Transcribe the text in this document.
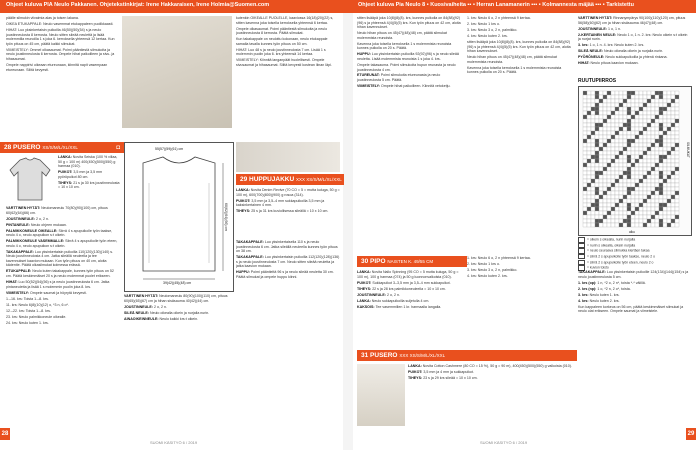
Ohjeet kuluva PIA Neulo Pakkanen. Ohjetekstinkirjat: Irene Hakkaraisen, Irene Holmia@Suomen.com	Ohjeet kuluva Pia Neulo 8 • Kuosivaiheita ▪▪ • Herran Lanamanerin ▪▪▪ • Kolmannesta mäjää ▪▪▪ • Tarkistettu

päälle silmukin viivaimia alas ja toisen lakana.

OIKEA ETUKAPPALE: Neulo vasemmat etukappaleen puolikkaasti.

HIHAT: Luo yksinkertaisin puikoilla 46(50)(50)(54) s ja neulo joustinneulosta 8 kerrosta. Neulo sitten sileää neulettä ja lisää molemmilla reunoilla 1 s joka 6. kerroksella yhteensä 12 kertaa. Kun työn pituus on 45 cm, päätä kaikki silmukat.

VIIMEISTELY: Ommel olkasaumat. Poimi pääntiestä silmukoita ja neulo joustinneulosta 6 kerrosta. Ompele hihat paikoilleen ja sivu- ja hihasaumat.

Ompele nappirivi oikeaan etureunaan, kiinnitä napit vasempaan etureunaan. Silitä kevyesti.

kutenkin OIKEALLE PUOLELLE, kaaviossa 16(18)(20)(22) s, sitten kavenna joka toisella kerroksella yhteensä 6 kertaa.

Ompele olkasaumat. Poimi pääntiestä silmukoita ja neulo joustinneulosta 8 kerrosta. Päätä silmukat.

Kun takakappale on neulottu kokonaan, neulo etukappale samalla tavalla kunnes työn pituus on 50 cm.

HIHAT: Luo 48 s ja neulo joustinneulosta 7 cm. Lisää 1 s molemmin puolin joka 6. krs yhteensä 14 kertaa.

VIIMEISTELY: Kiinnitä langanpäät huolellisesti. Ompele sivusaumat ja hihasaumat. Silitä kevyesti kostean liinan läpi.

28 PUSERO XS/S/M/L/XL/XXL	◘

LANKA: Novita Seiska (100 % villaa, 50 g = 100 m) 400(450)(500)(550) g harmaa (010).

PUIKOT: 3,5 mm ja 3,5 mm pyöröpuikot 80 cm.

TIHEYS: 21 s ja 30 krs joustinneulosta = 10 x 10 cm.

VARTTINEN HYTÄT: Neulomaneulu 70(80)(90)(100) cm, pituus 60(62)(64)(66) cm.

JOUSTINNEULE: 2 o, 2 n.

PINTANEULE: Neulo ohjeen mukaan.

PALMIKKONEULE OIKEALLE: Siirrä 4 s apupuikolle työn taakse, neulo 4 o, neulo apupuikon s:t oikein.

PALMIKKONEULE VASEMMALLE: Siirrä 4 s apupuikolle työn eteen, neulo 4 o, neulo apupuikon s:t oikein.

TAKAKAPPALE: Luo yksinkertaisin puikoilla 110(120)(130)(140) s. Neulo joustinneulosta 4 cm. Jatka sileällä neuleella ja tee kavennukset kaavion mukaan. Kun työn pituus on 40 cm, aloita kädentie. Päätä olkasilmukat kolmessa erässä.

ETUKAPPALE: Neulo kuten takakappale, kunnes työn pituus on 52 cm. Päätä keskimmäiset 20 s ja neulo molemmat puolet erikseen.

HIHAT: Luo 50(52)(54)(56) s ja neulo joustinneulosta 6 cm. Jatka pintaneuletta ja lisää 1 s molemmin puolin joka 8. krs.

VIIMEISTELY: Ompele saumat ja höyrytä kevyesti.

1.–16. krs: Toista 1.–8. krs.

11. krs: Neulo 6(8)(10)(12) o, *3 n, 6 o*.

12.–22. krs: Toista 1.–8. krs.

23. krs: Neulo palmikkoneule oikealle.

24. krs: Neulo kuten 1. krs.

39(42)(45)(48) cm
60(62)(64)(66) cm
55(57)(59)(61) cm
29 HUPPUJAKKU XXX XS/S/M/L/XL/XXL

LANKA: Novita Denim Revive (70 CO = 5 = mutta kuluga, 50 g = 100 m), 600(700)(800)(900) g rosoa (314).

PUIKOT: 3,5 mm ja 3,5–4 mm sukkapuikoilla 3,5 mm ja kaksinkertainen 4 mm.

TIHEYS: 25 s ja 31 krs kuviollisessa sileällä = 10 x 10 cm.

VARTTINEN HYTÄT: Neulomaneulu 80(90)(100)(110) cm, pituus 60(65)(65)(67) cm ja hihan sisäsauma 40(42)(44) cm.

JOUSTINNEULE: 2 o, 2 n.

SILEÄ NEULE: Neulo oikealla oikein ja nurjalla nurin.

AINAOIKEINNEULE: Neulo kaikki krs:t oikein.

TAKAKAPPALE: Luo yksinkertaisella 110 s ja neulo joustinneulosta 6 cm. Jatka sileällä neuleella kunnes työn pituus on 38 cm.

TAKAKAPPALE: Luo yksinkertaisin puikoilla 112(120)(128)(136) s ja neulo joustinneulosta 7 cm. Neulo sitten sileää neuletta ja jatka kaavion mukaan.

HUPPU: Poimi pääntieltä 96 s ja neulo sileää neuletta 30 cm. Päätä silmukat ja ompele huppu kiinni.

28
SUOMI KÄSITYÖ 6 / 2019

sitten lisääpä joka 10(8)(8)(8). krs, kunnes puikolla on 84(88)(92)(96) s ja yhteensä 4(4)(5)(5) krs. Kun työn pituus on 42 cm, aloita hihan kavennukset.

Neulo hihan pituus on 45(47)(48)(48) cm, päätä silmukat molemmista reunoista.

Kavenna joka toisella kerroksella 1 s molemmista reunoista kunnes puikolla on 20 s. Päätä.

HUPPU: Luo yksinkertaisin puikoilla 92(92)(96) s ja neulo sileää neuletta. Lisää molemmista reunoista 1 s joka 4. krs.

Ompele takasauma. Poimi silmukoita hupun reunasta ja neulo joustinneulosta 4 cm.

ETUREUNAT: Poimi silmukoita etureunasta ja neulo joustinneulosta 5 cm. Päätä.

VIIMEISTELY: Ompele hihat paikoilleen. Kiinnitä vetoketju.

1. krs: Neulo 6 o, 2 n yhteensä 9 kertaa.

2. krs: Neulo 1 krs o.

3. krs: Neulo 3 o, 2 n, palmikko.

4. krs: Neulo kuten 2. krs.

sitten lisääpä joka 10(8)(8)(8). krs, kunnes puikolla on 84(88)(92)(96) s ja yhteensä 4(4)(5)(5) krs. Kun työn pituus on 42 cm, aloita hihan kavennukset.

Neulo hihan pituus on 45(47)(48)(48) cm, päätä silmukat molemmista reunoista.

Kavenna joka toisella kerroksella 1 s molemmista reunoista kunnes puikolla on 20 s. Päätä.

30 PIPO NAISTEN K. 49/55 CM

LANKA: Novita Nallo Spinning (95 CO = 5 mutta kuluga, 50 g = 100 m), 100 g harmaa (074) ja 50 g luonnonvalkoista (010).

PUIKOT: Sukkapuikot 3–3,5 mm ja 3,5–4 mm sukkapuikot.

TIHEYS: 22 s ja 28 krs palmikkoneuleella = 10 x 10 cm.

JOUSTINNEULE: 2 o, 2 n.

LANKA: Neulo sukkapuikoilla suljetulla 4 cm.

KAKSOIS: Tee vasemmillen 1 kr. harmaalla langalla.

1. krs: Neulo 6 o, 2 n yhteensä 9 kertaa.

2. krs: Neulo 1 krs o.

3. krs: Neulo 3 o, 2 n, palmikko.

4. krs: Neulo kuten 2. krs.

31 PUSERO XXX XS/S/M/L/XL/XXL

LANKA: Novita Cotton Cashmere (80 CO = 15 %), 50 g = 90 m), 400(450)(500)(550) g valkoista (010).

PUIKOT: 3,5 mm ja 4 mm ja sukkapuikot.

TIHEYS: 23 s ja 29 krs sileää = 10 x 10 cm.

VARTTINEN HYTÄT: Rinnanympärys 90(100)(110)(120) cm, pituus 56(58)(60)(62) cm ja hihan sisäsauma 46(47)(48) cm.

JOUSTINNEULE: 1 o, 1 n.

2-KERTAINEN NEULE: Neulo 1 o, 1 n. 2. krs: Neulo oikein s:t oikein ja nurjat nurin.

3. krs: 1 o, 1 n. 4. krs: Neulo kuten 2. krs.

SILEÄ NEULE: Neulo oikealla oikein ja nurjalla nurin.

PYÖRÖNEULE: Neulo sukkapuikoilla ja yhtenä rinkana.

HIHAT: Neulo pituus kaavion mukaan.

RUUTUPIIRROS
SILMUKAT
alku
= oikein s oikealla, nurin nurjalla
= nurin s oikealla, oikein nurjalla
= neulo seuraava silmukka kiertäen takaa
= siirrä 2 s apupuikolle työn taakse, neulo 2 o
= siirrä 2 s apupuikolle työn eteen, neulo 2 o
= kuvion toisto

TAKAKAPPALE: Luo yksinkertaisin puikoille 124(134)(144)(154) s ja neulo joustinneulosta 5 cm.

1. krs (op): 1 n, *2 o, 2 n*, toista *-* välillä.

2. krs (np): 1 o, *2 n, 2 o*, toista.

3. krs: Neulo kuten 1. krs.

4. krs: Neulo kuten 2. krs.

Kun kappaleen korkeus on 56 cm, päätä keskimmäiset silmukat ja neulo olat erikseen. Ompele saumat ja viimeistele.

29
SUOMI KÄSITYÖ 6 / 2019
